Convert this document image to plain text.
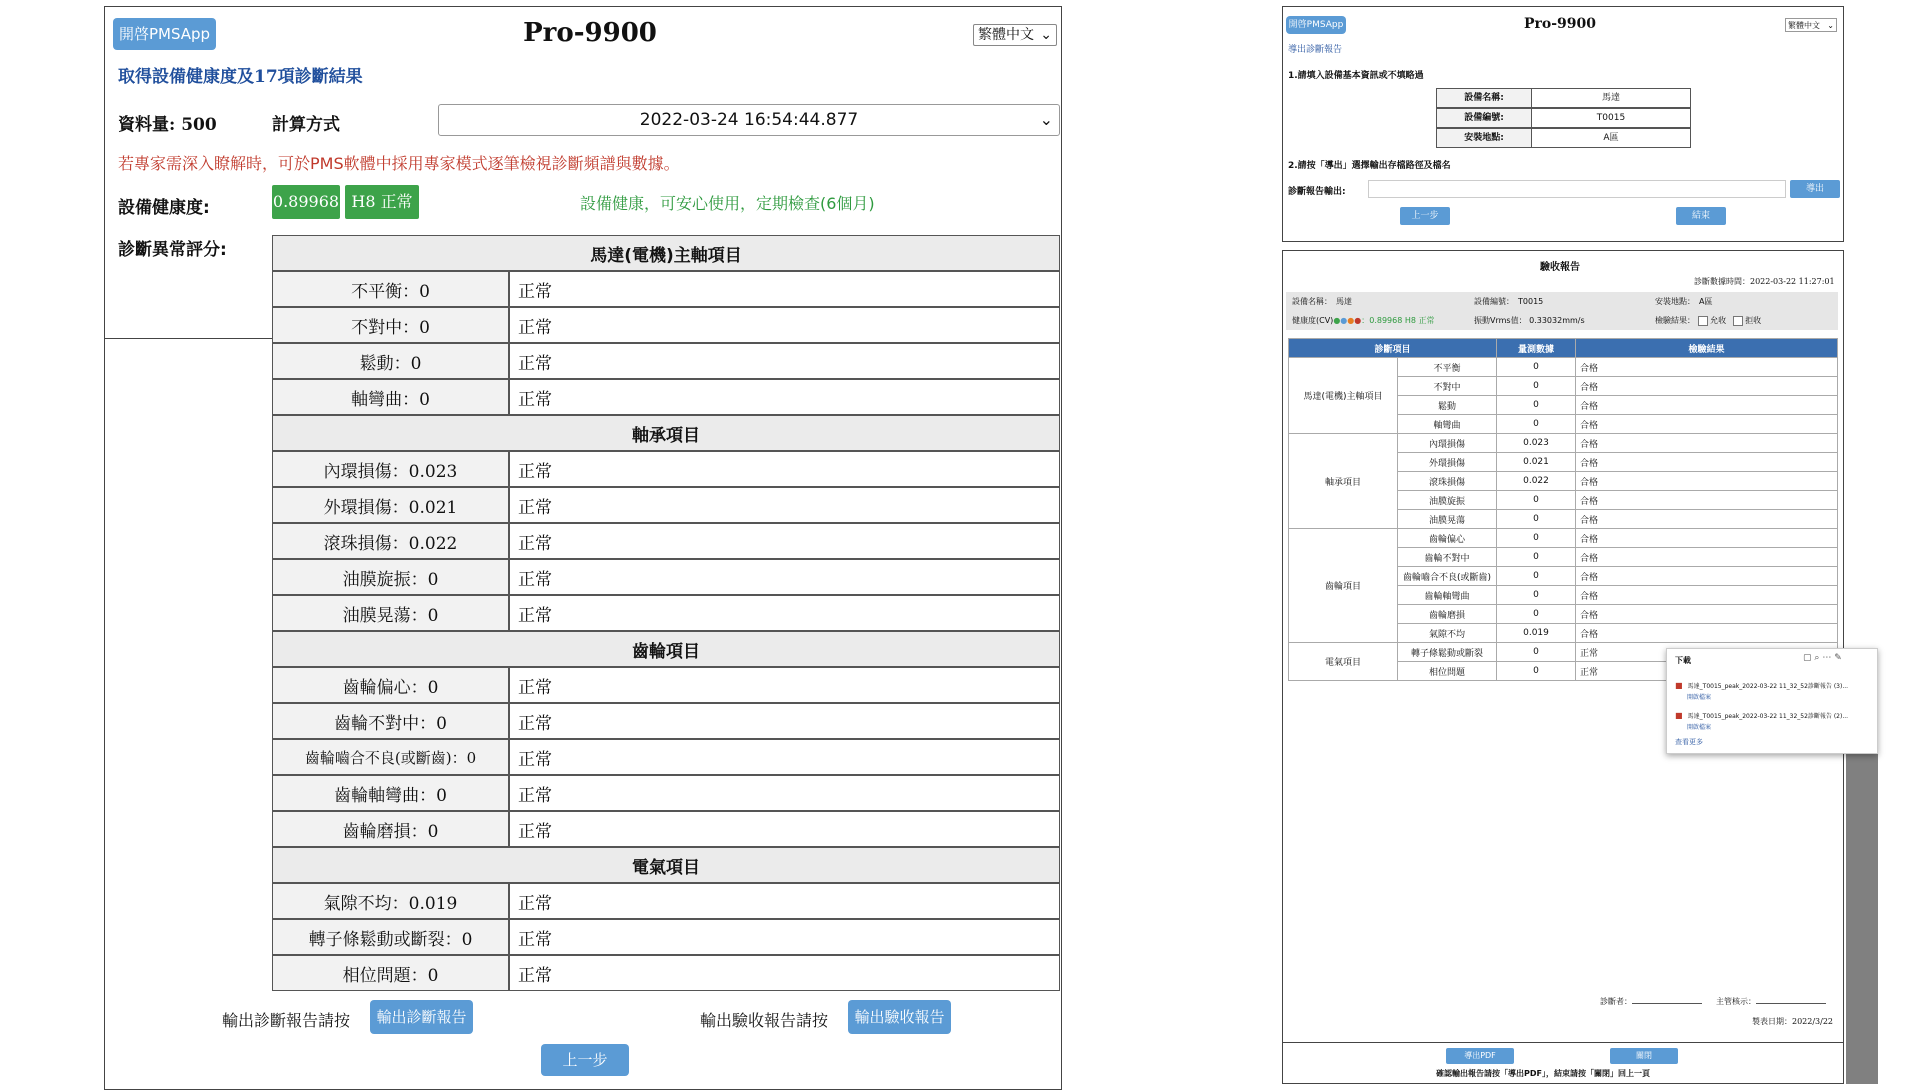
開啓PMSApp	Pro-9900	繁體中文 ⌄
取得設備健康度及17項診斷結果
資料量: 500	計算方式	2022-03-24 16:54:44.877	⌄
若專家需深入瞭解時，可於PMS軟體中採用專家模式逐筆檢視診斷頻譜與數據。
設備健康度:	0.89968 H8 正常	設備健康，可安心使用，定期檢查(6個月)
診斷異常評分:	馬達(電機)主軸項目
不平衡：0	正常
不對中：0	正常
鬆動：0	正常
軸彎曲：0	正常
軸承項目
內環損傷：0.023	正常
外環損傷：0.021	正常
滾珠損傷：0.022	正常
油膜旋振：0	正常
油膜晃蕩：0	正常
齒輪項目
齒輪偏心：0	正常
齒輪不對中：0	正常
齒輪嚙合不良(或斷齒)：0	正常
齒輪軸彎曲：0	正常
齒輪磨損：0	正常
電氣項目
氣隙不均：0.019	正常
轉子條鬆動或斷裂：0	正常
相位問題：0	正常
輸出診斷報告請按	輸出診斷報告	輸出驗收報告請按	輸出驗收報告
上一步
開啓PMSApp	Pro-9900	繁體中文 ⌄
導出診斷報告
1.請填入設備基本資訊或不填略過
設備名稱:	馬達
設備編號:	T0015
安裝地點:	A區
2.請按「導出」選擇輸出存檔路徑及檔名
診斷報告輸出:	導出
上一步	結束
驗收報告
診斷數據時間：2022-03-22 11:27:01
設備名稱：　馬達	設備編號：　T0015	安裝地點：　A區
健康度(CV)●●●●：0.89968 H8 正常	振動Vrms值： 0.33032mm/s	檢驗結果： 允收 拒收
診斷項目		量測數據	檢驗結果
馬達(電機)主軸項目	不平衡	0	合格
	不對中	0	合格
	鬆動	0	合格
	軸彎曲	0	合格
軸承項目	內環損傷	0.023	合格
	外環損傷	0.021	合格
	滾珠損傷	0.022	合格
	油膜旋振	0	合格
	油膜晃蕩	0	合格
齒輪項目	齒輪偏心	0	合格
	齒輪不對中	0	合格
	齒輪嚙合不良(或斷齒)	0	合格
	齒輪軸彎曲	0	合格
	齒輪磨損	0	合格
	氣隙不均	0.019	合格
電氣項目	轉子條鬆動或斷裂	0	正常
	相位問題	0	正常
下載	▢ ⌕ ⋯ ✎
■ 馬達_T0015_peak_2022-03-22 11_32_52診斷報告 (3)...
開啟檔案
■ 馬達_T0015_peak_2022-03-22 11_32_52診斷報告 (2)...
開啟檔案
查看更多
診斷者：	主管核示：
製表日期：2022/3/22
導出PDF	關閉
確認輸出報告請按「導出PDF」，結束請按「關閉」回上一頁
